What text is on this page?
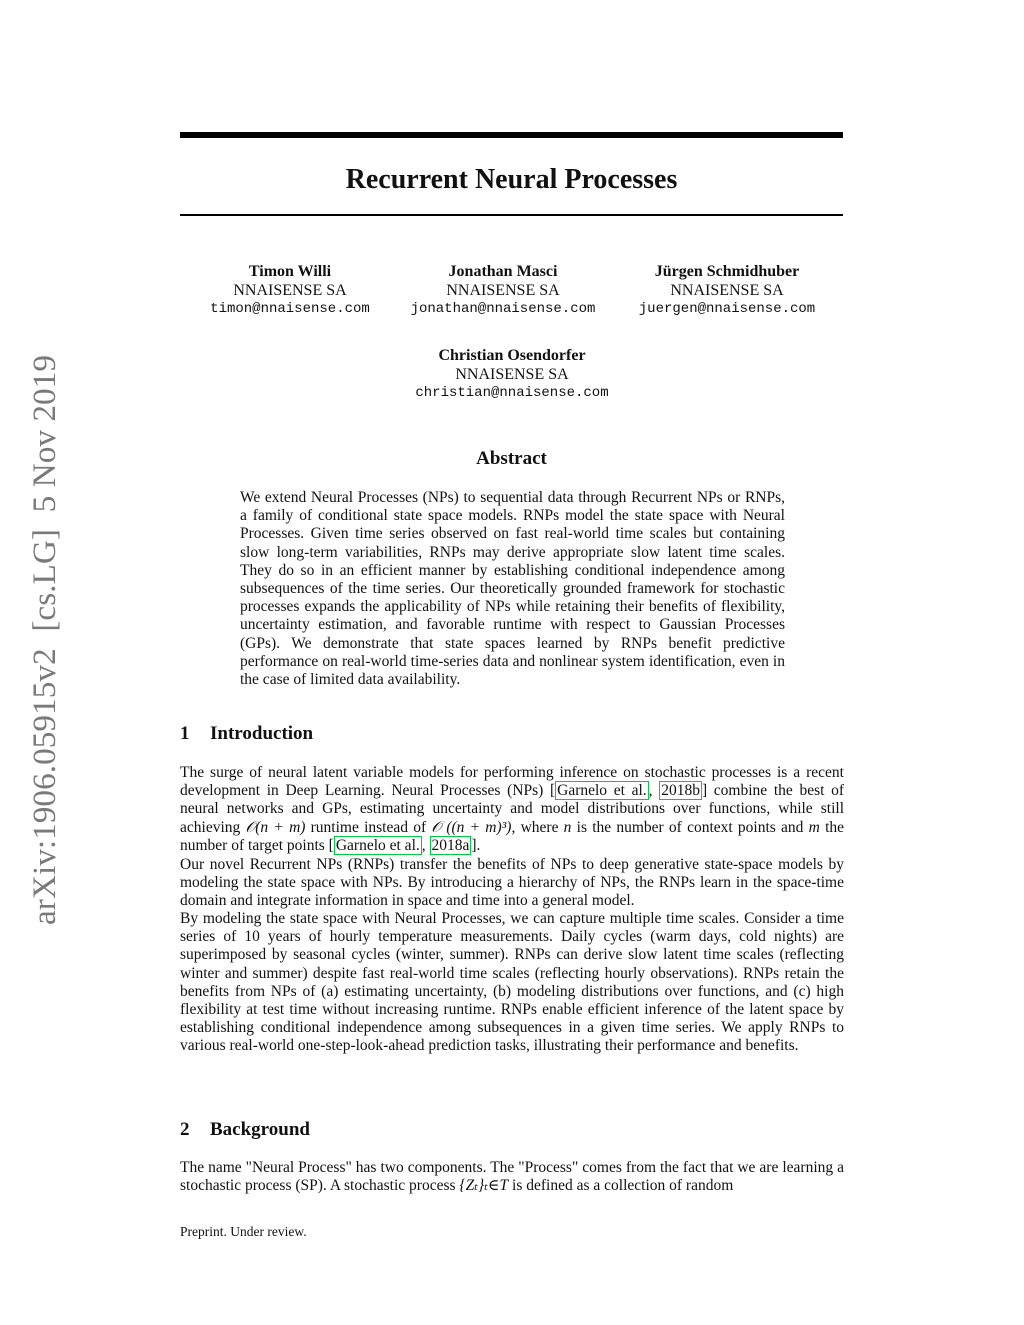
arXiv:1906.05915v2  [cs.LG]  5 Nov 2019
Recurrent Neural Processes
Timon Willi
NNAISENSE SA
timon@nnaisense.com
Jonathan Masci
NNAISENSE SA
jonathan@nnaisense.com
Jürgen Schmidhuber
NNAISENSE SA
juergen@nnaisense.com
Christian Osendorfer
NNAISENSE SA
christian@nnaisense.com
Abstract
We extend Neural Processes (NPs) to sequential data through Recurrent NPs or RNPs, a family of conditional state space models. RNPs model the state space with Neural Processes. Given time series observed on fast real-world time scales but containing slow long-term variabilities, RNPs may derive appropriate slow latent time scales. They do so in an efficient manner by establishing conditional independence among subsequences of the time series. Our theoretically grounded framework for stochastic processes expands the applicability of NPs while retaining their benefits of flexibility, uncertainty estimation, and favorable runtime with respect to Gaussian Processes (GPs). We demonstrate that state spaces learned by RNPs benefit predictive performance on real-world time-series data and nonlinear system identification, even in the case of limited data availability.
1 Introduction

The surge of neural latent variable models for performing inference on stochastic processes is a recent development in Deep Learning. Neural Processes (NPs) [ Garnelo et al. , 2018b ] combine the best of neural networks and GPs, estimating uncertainty and model distributions over functions, while still achieving 𝒪(n + m) runtime instead of 𝒪 ((n + m)³), where n is the number of context points and m the number of target points [ Garnelo et al. , 2018a ].

Our novel Recurrent NPs (RNPs) transfer the benefits of NPs to deep generative state-space models by modeling the state space with NPs. By introducing a hierarchy of NPs, the RNPs learn in the space-time domain and integrate information in space and time into a general model.

By modeling the state space with Neural Processes, we can capture multiple time scales. Consider a time series of 10 years of hourly temperature measurements. Daily cycles (warm days, cold nights) are superimposed by seasonal cycles (winter, summer). RNPs can derive slow latent time scales (reflecting winter and summer) despite fast real-world time scales (reflecting hourly observations). RNPs retain the benefits from NPs of (a) estimating uncertainty, (b) modeling distributions over functions, and (c) high flexibility at test time without increasing runtime. RNPs enable efficient inference of the latent space by establishing conditional independence among subsequences in a given time series. We apply RNPs to various real-world one-step-look-ahead prediction tasks, illustrating their performance and benefits.

2 Background

The name "Neural Process" has two components. The "Process" comes from the fact that we are learning a stochastic process (SP). A stochastic process {Zₜ}ₜ∈T is defined as a collection of random

Preprint. Under review.
